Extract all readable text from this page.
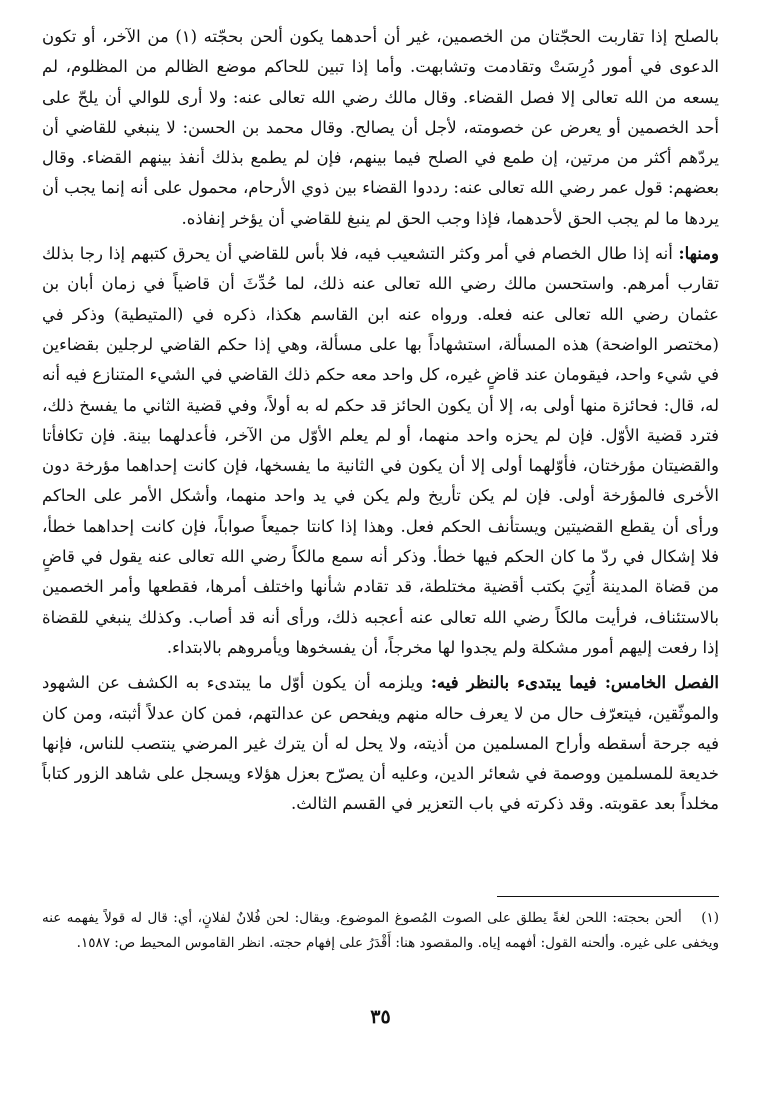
بالصلح إذا تقاربت الحجّتان من الخصمين، غير أن أحدهما يكون ألحن بحجّته (١) من الآخر، أو تكون الدعوى في أمور دُرِسَتْ وتقادمت وتشابهت. وأما إذا تبين للحاكم موضع الظالم من المظلوم، لم يسعه من الله تعالى إلا فصل القضاء. وقال مالك رضي الله تعالى عنه: ولا أرى للوالي أن يلحّ على أحد الخصمين أو يعرض عن خصومته، لأجل أن يصالح. وقال محمد بن الحسن: لا ينبغي للقاضي أن يردّهم أكثر من مرتين، إن طمع في الصلح فيما بينهم، فإن لم يطمع بذلك أنفذ بينهم القضاء. وقال بعضهم: قول عمر رضي الله تعالى عنه: رددوا القضاء بين ذوي الأرحام، محمول على أنه إنما يجب أن يردها ما لم يجب الحق لأحدهما، فإذا وجب الحق لم ينبغ للقاضي أن يؤخر إنفاذه.

ومنها: أنه إذا طال الخصام في أمر وكثر التشعيب فيه، فلا بأس للقاضي أن يحرق كتبهم إذا رجا بذلك تقارب أمرهم. واستحسن مالك رضي الله تعالى عنه ذلك، لما حُدِّثَ أن قاضياً في زمان أبان بن عثمان رضي الله تعالى عنه فعله. ورواه عنه ابن القاسم هكذا، ذكره في (المتيطية) وذكر في (مختصر الواضحة) هذه المسألة، استشهاداً بها على مسألة، وهي إذا حكم القاضي لرجلين بقضاءين في شيء واحد، فيقومان عند قاضٍ غيره، كل واحد معه حكم ذلك القاضي في الشيء المتنازع فيه أنه له، قال: فحائزة منها أولى به، إلا أن يكون الحائز قد حكم له به أولاً، وفي قضية الثاني ما يفسخ ذلك، فترد قضية الأوّل. فإن لم يحزه واحد منهما، أو لم يعلم الأوّل من الآخر، فأعدلهما بينة. فإن تكافأتا والقضيتان مؤرختان، فأوّلهما أولى إلا أن يكون في الثانية ما يفسخها، فإن كانت إحداهما مؤرخة دون الأخرى فالمؤرخة أولى. فإن لم يكن تأريخ ولم يكن في يد واحد منهما، وأشكل الأمر على الحاكم ورأى أن يقطع القضيتين ويستأنف الحكم فعل. وهذا إذا كانتا جميعاً صواباً، فإن كانت إحداهما خطأ، فلا إشكال في ردّ ما كان الحكم فيها خطأ. وذكر أنه سمع مالكاً رضي الله تعالى عنه يقول في قاضٍ من قضاة المدينة أُتِيَ بكتب أقضية مختلطة، قد تقادم شأنها واختلف أمرها، فقطعها وأمر الخصمين بالاستئناف، فرأيت مالكاً رضي الله تعالى عنه أعجبه ذلك، ورأى أنه قد أصاب. وكذلك ينبغي للقضاة إذا رفعت إليهم أمور مشكلة ولم يجدوا لها مخرجاً، أن يفسخوها ويأمروهم بالابتداء.

الفصل الخامس: فيما يبتدىء بالنظر فيه: ويلزمه أن يكون أوّل ما يبتدىء به الكشف عن الشهود والموثّقين، فيتعرّف حال من لا يعرف حاله منهم ويفحص عن عدالتهم، فمن كان عدلاً أثبته، ومن كان فيه جرحة أسقطه وأراح المسلمين من أذيته، ولا يحل له أن يترك غير المرضي ينتصب للناس، فإنها خديعة للمسلمين ووصمة في شعائر الدين، وعليه أن يصرّح بعزل هؤلاء ويسجل على شاهد الزور كتاباً مخلداً بعد عقوبته. وقد ذكرته في باب التعزير في القسم الثالث.

(١) ألحن بحجته: اللحن لغةً يطلق على الصوت المُصوغ الموضوع. ويقال: لحن فُلانٌ لفلانٍ، أي: قال له قولاً يفهمه عنه ويخفى على غيره. وألحنه القول: أفهمه إياه. والمقصود هنا: أَقْدَرُ على إفهام حجته. انظر القاموس المحيط ص: ١٥٨٧.

٣٥
